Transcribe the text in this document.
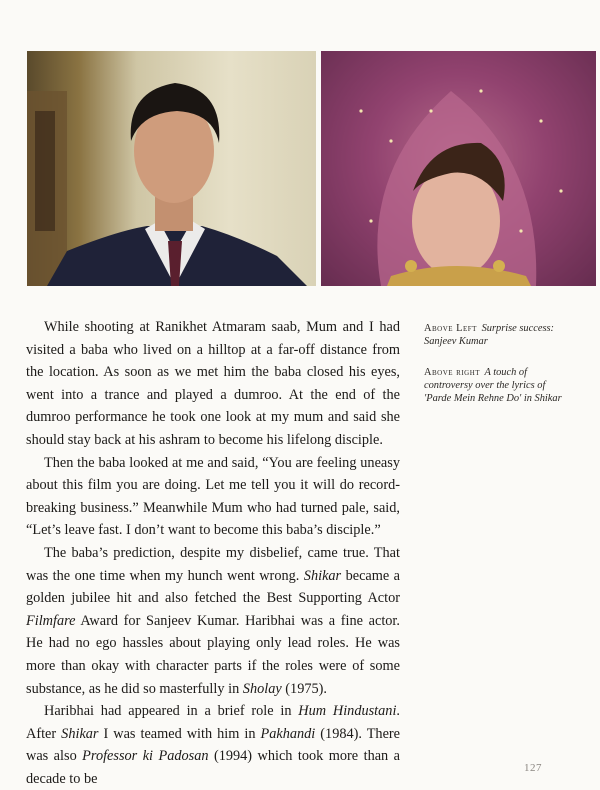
While shooting at Ranikhet Atmaram saab, Mum and I had visited a baba who lived on a hilltop at a far-off distance from the location. As soon as we met him the baba closed his eyes, went into a trance and played a dumroo. At the end of the dumroo performance he took one look at my mum and said she should stay back at his ashram to become his lifelong disciple.

Then the baba looked at me and said, “You are feeling uneasy about this film you are doing. Let me tell you it will do record-breaking business.” Meanwhile Mum who had turned pale, said, “Let’s leave fast. I don’t want to become this baba’s disciple.”

The baba’s prediction, despite my disbelief, came true. That was the one time when my hunch went wrong. Shikar became a golden jubilee hit and also fetched the Best Supporting Actor Filmfare Award for Sanjeev Kumar. Haribhai was a fine actor. He had no ego hassles about playing only lead roles. He was more than okay with character parts if the roles were of some substance, as he did so masterfully in Sholay (1975).

Haribhai had appeared in a brief role in Hum Hindustani. After Shikar I was teamed with him in Pakhandi (1984). There was also Professor ki Padosan (1994) which took more than a decade to be

Above Left Surprise success: Sanjeev Kumar
Above right A touch of controversy over the lyrics of 'Parde Mein Rehne Do' in Shikar
127
